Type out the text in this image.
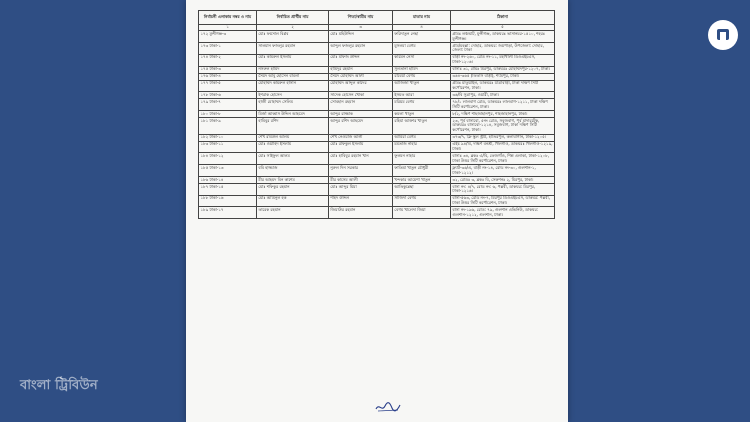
নির্বাচনী এলাকার নম্বর ও নাম	নির্বাচিত প্রার্থীর নাম	পিতা/স্বামীর নাম	মাতার নাম	ঠিকানা
১	২	৩	৪	৫
১৭২ মুন্সীগঞ্জ-৩	মোঃ ফয়সাল বিপ্লব	মোঃ মহিউদ্দিন	ফরিদাতুন নেছা	গ্রামঃ লঞ্চঘাট, মুন্সীগঞ্জ, ডাকঘরঃ ভাসানচর-১৫১০, শহরঃ মুন্সীগঞ্জ।
১৭৩ ঢাকা-১	সালমান ফজলুর রহমান	আব্দুল ফজলুর রহমান	মুসলমা বেগম	গ্রাম/মহল্লা: দোহার, ডাকঘর: জয়পাড়া, উপজেলা: দোহার, জেলা: ঢাকা
১৭৪ ঢাকা-২	মোঃ কামরুল ইসলাম	মোঃ মফিজ উদ্দিন	করিমন নেসা	বাড়ী নং-২৬০, রোড নং-১১, মহাখালী ডিওএইচএস, ঢাকা-১২০৬।
১৭৫ ঢাকা-৩	নসরুল হামিদ	হামিদুর রহমান	সুলতানা হামিদ	বাসাঃ ৩১, গ্রামঃ মিরপুর, ডাকঘরঃ মোহাম্মদপুর-১২০৭, ঢাকা।
১৭৬ ঢাকা-৪	সৈয়দ আবু হোসেন বাবলা	সৈয়দ মোহাম্মদ আলী	রাবেয়া বেগম	৩৬৪-৩৬৫ (তিতাস বাড়ী), শ্যামপুর, ঢাকা।
১৭৭ ঢাকা-৫	মোহাম্মদ কামরুল হাসান	মোহাম্মদ আব্দুল কাদের	আজিজা খাতুন	গ্রামঃ মাতুয়াইল, ডাকঘরঃ যাত্রাবাড়ী, ঢাকা দক্ষিণ সিটি কর্পোরেশন, ঢাকা।
১৭৮ ঢাকা-৬	ইশরাক হোসেন	সাদেক হোসেন খোকা	ইসমত আরা	৩৬/বি সুত্রাপুর, ওয়ারী, ঢাকা।
১৭৯ ঢাকা-৭	হাজী মোহাম্মদ সেলিম	সোবহান রহমান	মরিয়ম বেগম	৭৮/১ লালবাগ রোড, ডাকঘরঃ লালবাগ-১২১১, ঢাকা দক্ষিণ সিটি কর্পোরেশন, ঢাকা।
১৮০ ঢাকা-৮	মির্জা আব্বাস উদ্দিন আহমেদ	আব্দুর রাজ্জাক	কমলা খাতুন	৮/২, দক্ষিণ শাহজাহানপুর, শাহজাহানপুর, ঢাকা।
১৮১ ঢাকা-৯	হাবিবুর রশিদ	আব্দুর রশিদ আহমেদ	রহিমা আক্তার খাতুন	২৩, পূর্ব বাসাবো, ৫নং রোড, সবুজবাগ, পূর্ব মাদারটেক, ডাকঘরঃ বাসাবো-১২১৪, সবুজবাগ, ঢাকা দক্ষিণ সিটি কর্পোরেশন, ঢাকা।
১৮২ ঢাকা-১০	শেখ রবিউল আলম	শেখ নেওয়াজ আলী	আমিরা বেগম	৩৭৩/৭, ফ্রি স্কুল স্ট্রীট, হাতিরপুল, কলাবাগান, ঢাকা-১২০৫।
১৮৩ ঢাকা-১১	মোঃ ওয়াহিদ ইসলাম	মোঃ রফিকুল ইসলাম	মমতাজ নাহার	এইচ ৯৪/বি, দক্ষিণ বনশ্রী, খিলগাঁও, ডাকঘরঃ খিলগাঁও-১২১৯, ঢাকা।
১৮৪ ঢাকা-১২	মোঃ সাইফুল আলম	মোঃ হাবিবুর রহমান খান	ফুলমন নাহার	বাসাঃ ৩৪, ব্লকঃ এ/বি, তেজগাঁও, শিল্প এলাকা, ঢাকা-১২০৮, ঢাকা উত্তর সিটি কর্পোরেশন, ঢাকা।
১৮৫ ঢাকা-১৩	ববি হাজ্জাজ	নুরুল দিন সরকার	ফাতিমা খাতুন চৌধুরী	ফ্ল্যাট-৩৬/এ, বাড়ী নং-১৪, রোড নং-৩০, গুলশান-১, ঢাকা-১২১২।
১৮৬ ঢাকা-১৪	মীর আহমদ বিন কাশেম	মীর কাসেম আলী	খন্দকার আয়েশা খাতুন	৩২, রোডঃ ৩, ব্লকঃ বি, সেকশনঃ ২, মিরপুর, ঢাকা।
১৮৭ ঢাকা-১৫	মোঃ শফিকুর রহমান	মোঃ আব্দুর মিয়া	আতিকুন্নেছা	বাসা নং: ৪/৭, রোড নং: ৬, পল্লবী, ডাকঘর: মিরপুর, ঢাকা-১২১৬।
১৮৮ ঢাকা-১৬	মোঃ আমিনুল হক	শহিদ উদ্দিন	সাজিদা বেগম	বাসা-৫৬৩, রোড নং-৭, মিরপুর ডিওএইচএস, ডাকঘর: পল্লবী, ঢাকা উত্তর সিটি কর্পোরেশন, ঢাকা।
১৮৯ ঢাকা-১৭	তারেক রহমান	জিয়াউর রহমান	বেগম খালেদা জিয়া	বাসা নং-১৯৬, রোড: ৭৯, গুলশান এভিনিউ, ডাকঘর: গুলশান-১২১২, গুলশান, ঢাকা।
বাংলা ট্রিবিউন
